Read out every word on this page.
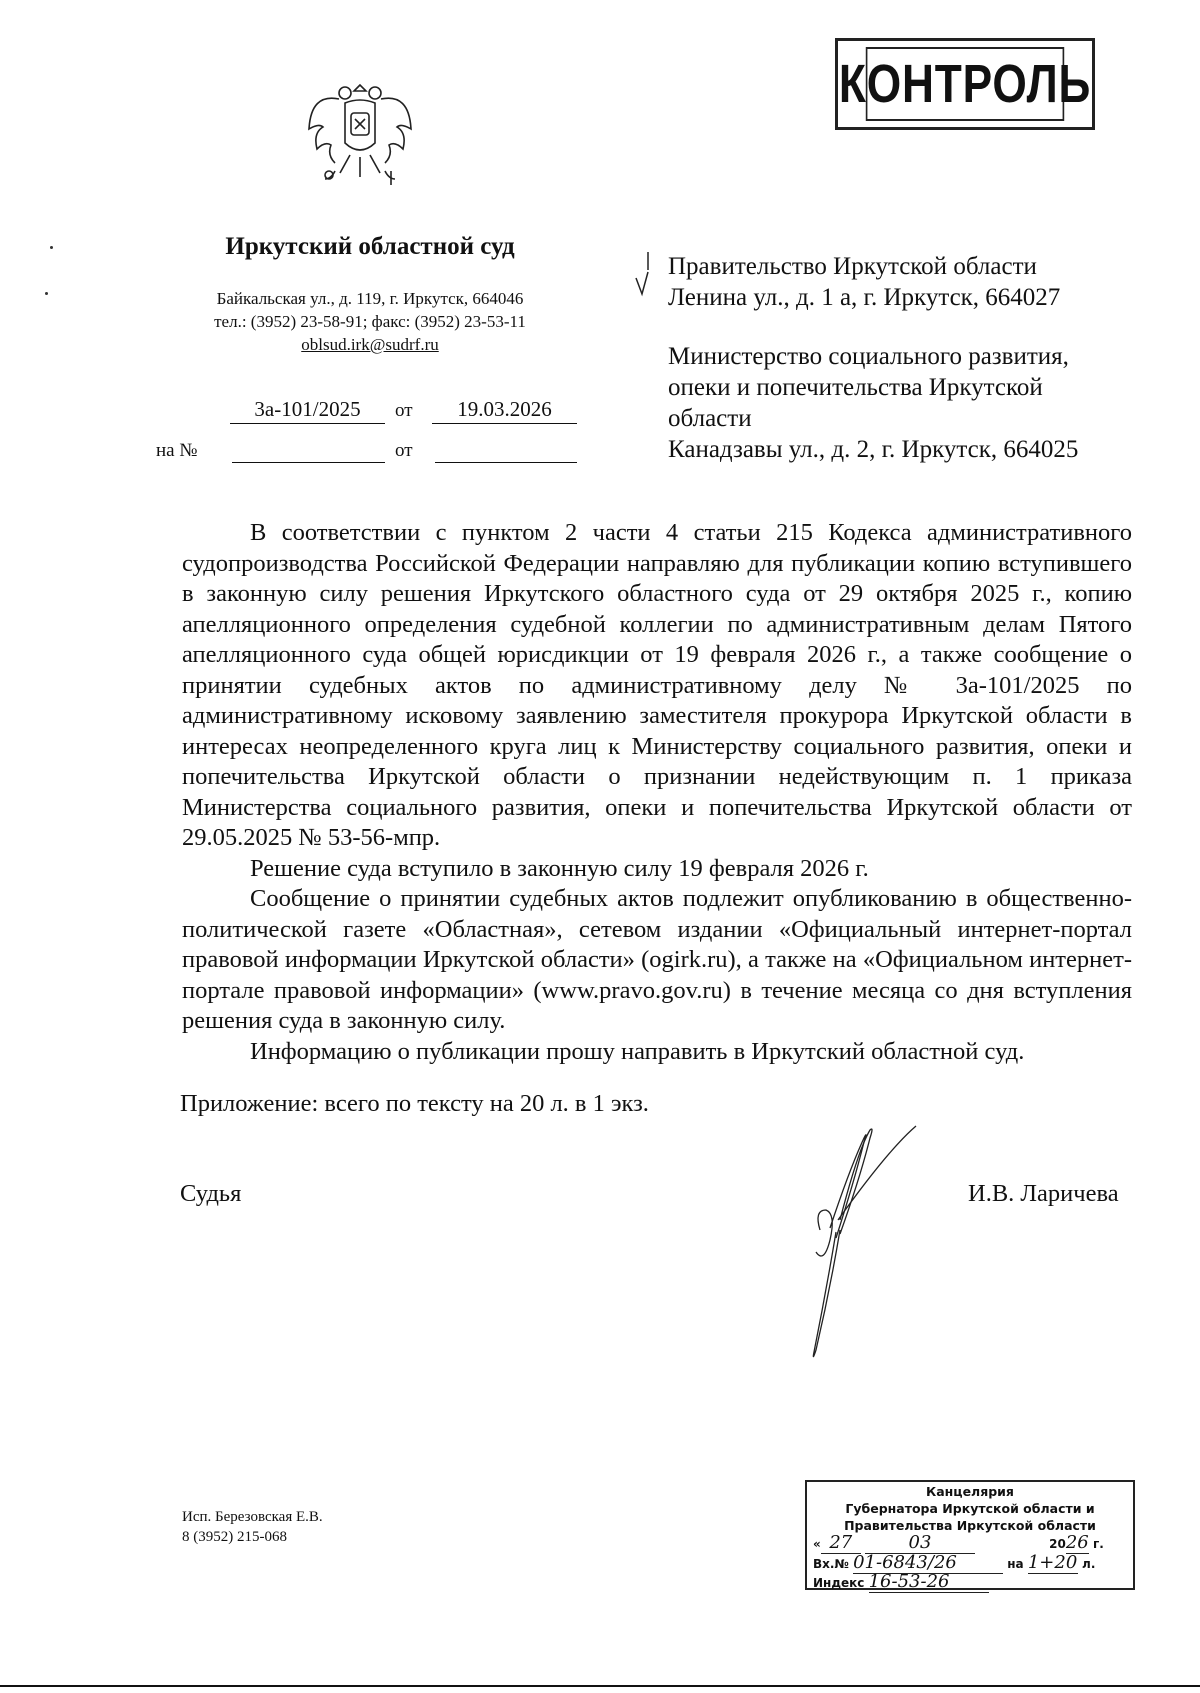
КОНТРОЛЬ
Иркутский областной суд
Байкальская ул., д. 119, г. Иркутск, 664046
тел.: (3952) 23-58-91; факс: (3952) 23-53-11
oblsud.irk@sudrf.ru
3а-101/2025	от	19.03.2026
на №	от

Правительство Иркутской области

Ленина ул., д. 1 а, г. Иркутск, 664027

Министерство социального развития,

опеки и попечительства Иркутской

области

Канадзавы ул., д. 2, г. Иркутск, 664025

В соответствии с пунктом 2 части 4 статьи 215 Кодекса административного судопроизводства Российской Федерации направляю для публикации копию вступившего в законную силу решения Иркутского областного суда от 29 октября 2025 г., копию апелляционного определения судебной коллегии по административным делам Пятого апелляционного суда общей юрисдикции от 19 февраля 2026 г., а также сообщение о принятии судебных актов по административному делу № 3а-101/2025 по административному исковому заявлению заместителя прокурора Иркутской области в интересах неопределенного круга лиц к Министерству социального развития, опеки и попечительства Иркутской области о признании недействующим п. 1 приказа Министерства социального развития, опеки и попечительства Иркутской области от 29.05.2025 № 53-56-мпр.

Решение суда вступило в законную силу 19 февраля 2026 г.

Сообщение о принятии судебных актов подлежит опубликованию в общественно-политической газете «Областная», сетевом издании «Официальный интернет-портал правовой информации Иркутской области» (ogirk.ru), а также на «Официальном интернет-портале правовой информации» (www.pravo.gov.ru) в течение месяца со дня вступления решения суда в законную силу.

Информацию о публикации прошу направить в Иркутский областной суд.

Приложение: всего по тексту на 20 л. в 1 экз.
Судья	И.В. Ларичева
Исп. Березовская Е.В.
8 (3952) 215-068
Канцелярия
Губернатора Иркутской области и
Правительства Иркутской области
« 27	03	2026 г.
Вх.№ 01-6843/26	на 1+20 л.
Индекс 16-53-26
